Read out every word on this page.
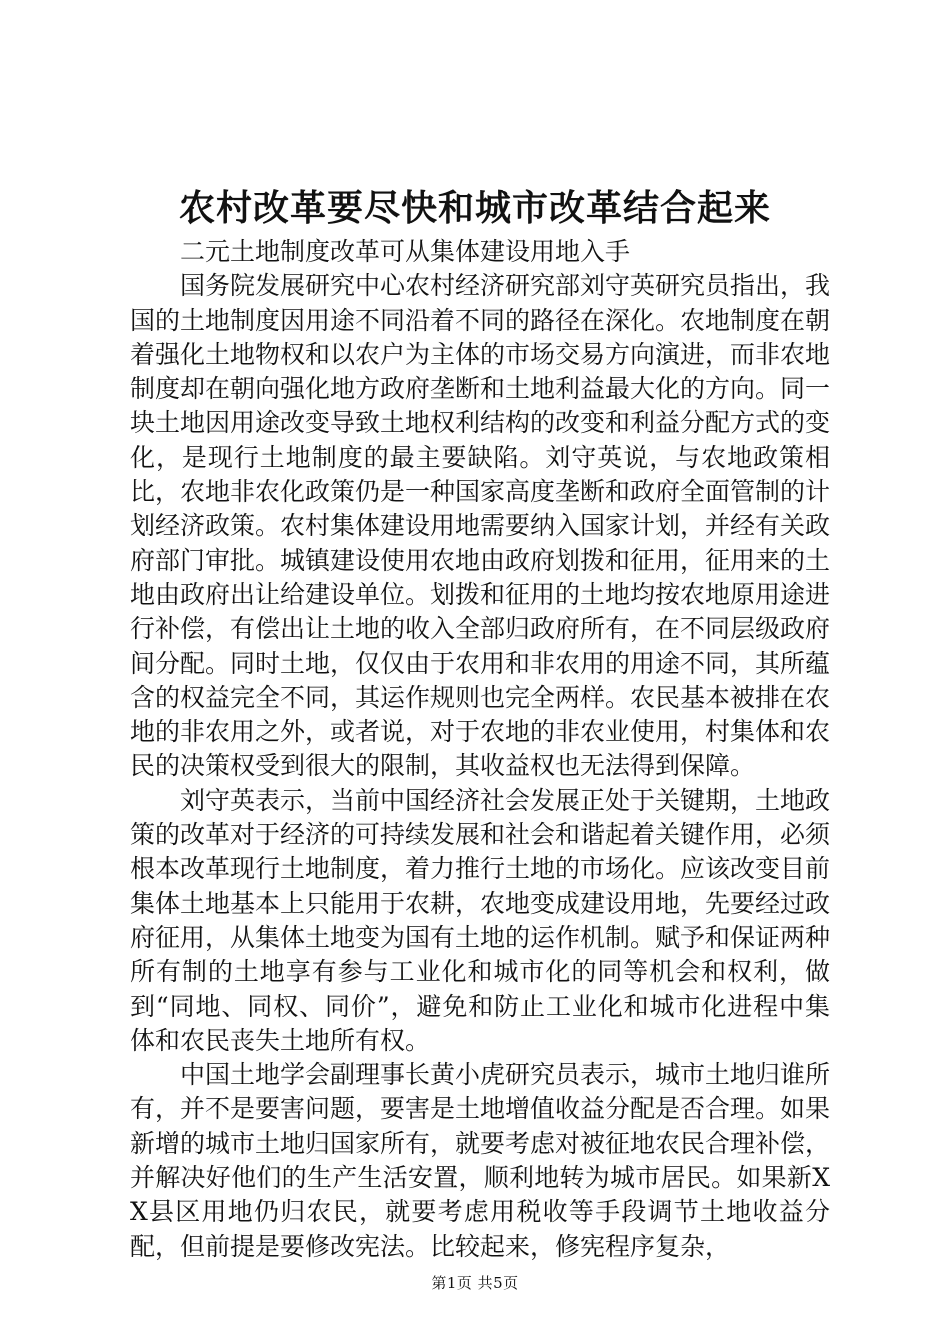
农村改革要尽快和城市改革结合起来

二元土地制度改革可从集体建设用地入手

国务院发展研究中心农村经济研究部刘守英研究员指出，我国的土地制度因用途不同沿着不同的路径在深化。农地制度在朝着强化土地物权和以农户为主体的市场交易方向演进，而非农地制度却在朝向强化地方政府垄断和土地利益最大化的方向。同一块土地因用途改变导致土地权利结构的改变和利益分配方式的变化，是现行土地制度的最主要缺陷。刘守英说，与农地政策相比，农地非农化政策仍是一种国家高度垄断和政府全面管制的计划经济政策。农村集体建设用地需要纳入国家计划，并经有关政府部门审批。城镇建设使用农地由政府划拨和征用，征用来的土地由政府出让给建设单位。划拨和征用的土地均按农地原用途进行补偿，有偿出让土地的收入全部归政府所有，在不同层级政府间分配。同时土地，仅仅由于农用和非农用的用途不同，其所蕴含的权益完全不同，其运作规则也完全两样。农民基本被排在农地的非农用之外，或者说，对于农地的非农业使用，村集体和农民的决策权受到很大的限制，其收益权也无法得到保障。

刘守英表示，当前中国经济社会发展正处于关键期，土地政策的改革对于经济的可持续发展和社会和谐起着关键作用，必须根本改革现行土地制度，着力推行土地的市场化。应该改变目前集体土地基本上只能用于农耕，农地变成建设用地，先要经过政府征用，从集体土地变为国有土地的运作机制。赋予和保证两种所有制的土地享有参与工业化和城市化的同等机会和权利，做到“同地、同权、同价”，避免和防止工业化和城市化进程中集体和农民丧失土地所有权。

中国土地学会副理事长黄小虎研究员表示，城市土地归谁所有，并不是要害问题，要害是土地增值收益分配是否合理。如果新增的城市土地归国家所有，就要考虑对被征地农民合理补偿，并解决好他们的生产生活安置，顺利地转为城市居民。如果新XX县区用地仍归农民，就要考虑用税收等手段调节土地收益分配，但前提是要修改宪法。比较起来，修宪程序复杂，

第1页 共5页
